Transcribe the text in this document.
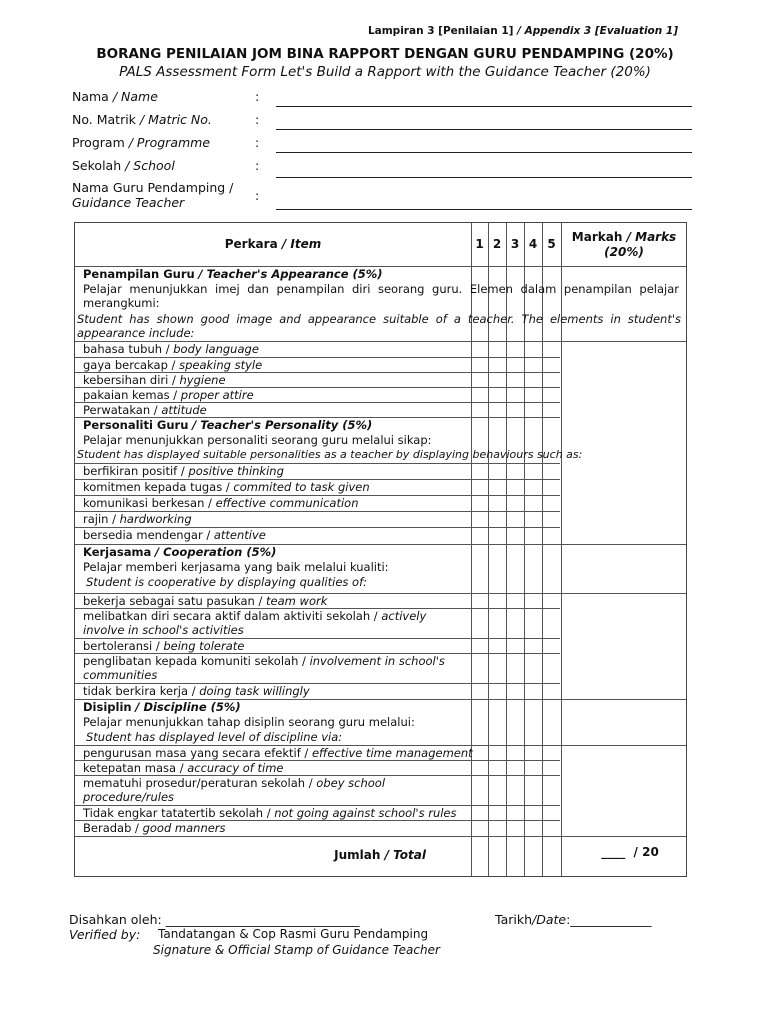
Lampiran 3 [Penilaian 1] / Appendix 3 [Evaluation 1]
BORANG PENILAIAN JOM BINA RAPPORT DENGAN GURU PENDAMPING (20%)
PALS Assessment Form Let's Build a Rapport with the Guidance Teacher (20%)
Nama / Name	:
No. Matrik / Matric No.	:
Program / Programme	:
Sekolah / School	:
Nama Guru Pendamping /
Guidance Teacher	:
Perkara / Item	1 2 3 4 5	Markah / Marks
(20%)
Penampilan Guru / Teacher's Appearance (5%)
Pelajar menunjukkan imej dan penampilan diri seorang guru. Elemen dalam penampilan pelajar merangkumi:
Student has shown good image and appearance suitable of a teacher. The elements in student's appearance include:
bahasa tubuh / body language
gaya bercakap / speaking style
kebersihan diri / hygiene
pakaian kemas / proper attire
Perwatakan / attitude
Personaliti Guru / Teacher's Personality (5%)
Pelajar menunjukkan personaliti seorang guru melalui sikap:
Student has displayed suitable personalities as a teacher by displaying behaviours such as:
berfikiran positif / positive thinking
komitmen kepada tugas / commited to task given
komunikasi berkesan / effective communication
rajin / hardworking
bersedia mendengar / attentive
Kerjasama / Cooperation (5%)
Pelajar memberi kerjasama yang baik melalui kualiti:
Student is cooperative by displaying qualities of:
bekerja sebagai satu pasukan / team work
melibatkan diri secara aktif dalam aktiviti sekolah / actively involve in school's activities
bertoleransi / being tolerate
penglibatan kepada komuniti sekolah / involvement in school's communities
tidak berkira kerja / doing task willingly
Disiplin / Discipline (5%)
Pelajar menunjukkan tahap disiplin seorang guru melalui:
Student has displayed level of discipline via:
pengurusan masa yang secara efektif / effective time management
ketepatan masa / accuracy of time
mematuhi prosedur/peraturan sekolah / obey school procedure/rules
Tidak engkar tatatertib sekolah / not going against school's rules
Beradab / good manners
Jumlah / Total	____ / 20
Disahkan oleh: _______________________________	Tarikh/Date:_____________
Verified by: Tandatangan & Cop Rasmi Guru Pendamping
Signature & Official Stamp of Guidance Teacher
